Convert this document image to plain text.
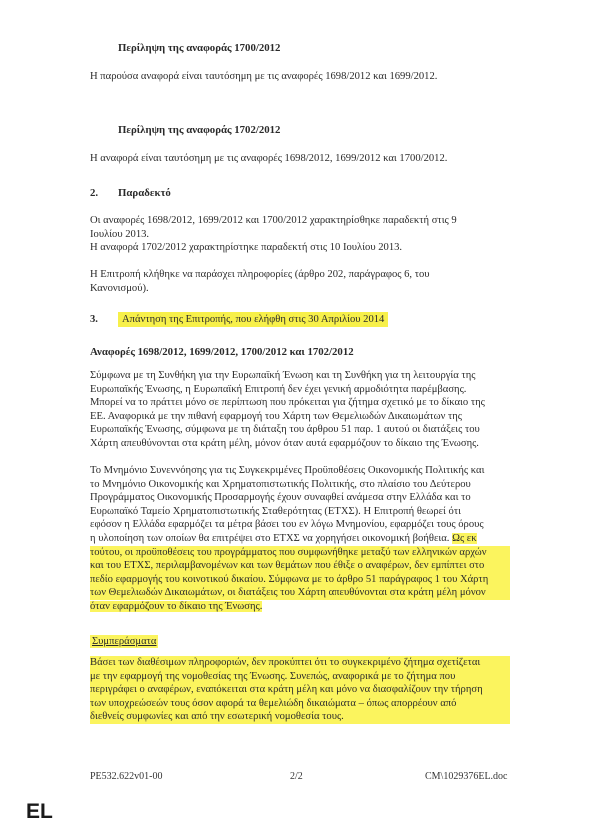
Περίληψη της αναφοράς 1700/2012
Η παρούσα αναφορά είναι ταυτόσημη με τις αναφορές 1698/2012 και 1699/2012.
Περίληψη της αναφοράς 1702/2012
Η αναφορά είναι ταυτόσημη με τις αναφορές 1698/2012, 1699/2012 και 1700/2012.
2. Παραδεκτό
Οι αναφορές 1698/2012, 1699/2012 και 1700/2012 χαρακτηρίσθηκε παραδεκτή στις 9
Ιουλίου 2013.
Η αναφορά 1702/2012 χαρακτηρίστηκε παραδεκτή στις 10 Ιουλίου 2013.
Η Επιτροπή κλήθηκε να παράσχει πληροφορίες (άρθρο 202, παράγραφος 6, του
Κανονισμού).
3. Απάντηση της Επιτροπής, που ελήφθη στις 30 Απριλίου 2014
Αναφορές 1698/2012, 1699/2012, 1700/2012 και 1702/2012
Σύμφωνα με τη Συνθήκη για την Ευρωπαϊκή Ένωση και τη Συνθήκη για τη λειτουργία της
Ευρωπαϊκής Ένωσης, η Ευρωπαϊκή Επιτροπή δεν έχει γενική αρμοδιότητα παρέμβασης.
Μπορεί να το πράττει μόνο σε περίπτωση που πρόκειται για ζήτημα σχετικό με το δίκαιο της
ΕΕ. Αναφορικά με την πιθανή εφαρμογή του Χάρτη των Θεμελιωδών Δικαιωμάτων της
Ευρωπαϊκής Ένωσης, σύμφωνα με τη διάταξη του άρθρου 51 παρ. 1 αυτού οι διατάξεις του
Χάρτη απευθύνονται στα κράτη μέλη, μόνον όταν αυτά εφαρμόζουν το δίκαιο της Ένωσης.
Το Μνημόνιο Συνεννόησης για τις Συγκεκριμένες Προϋποθέσεις Οικονομικής Πολιτικής και
το Μνημόνιο Οικονομικής και Χρηματοπιστωτικής Πολιτικής, στο πλαίσιο του Δεύτερου
Προγράμματος Οικονομικής Προσαρμογής έχουν συναφθεί ανάμεσα στην Ελλάδα και το
Ευρωπαϊκό Ταμείο Χρηματοπιστωτικής Σταθερότητας (ΕΤΧΣ). Η Επιτροπή θεωρεί ότι
εφόσον η Ελλάδα εφαρμόζει τα μέτρα βάσει του εν λόγω Μνημονίου, εφαρμόζει τους όρους
η υλοποίηση των οποίων θα επιτρέψει στο ΕΤΧΣ να χορηγήσει οικονομική βοήθεια. Ως εκ
τούτου, οι προϋποθέσεις του προγράμματος που συμφωνήθηκε μεταξύ των ελληνικών αρχών
και του ΕΤΧΣ, περιλαμβανομένων και των θεμάτων που έθιξε ο αναφέρων, δεν εμπίπτει στο
πεδίο εφαρμογής του κοινοτικού δικαίου. Σύμφωνα με το άρθρο 51 παράγραφος 1 του Χάρτη
των Θεμελιωδών Δικαιωμάτων, οι διατάξεις του Χάρτη απευθύνονται στα κράτη μέλη μόνον
όταν εφαρμόζουν το δίκαιο της Ένωσης.
Συμπεράσματα
Βάσει των διαθέσιμων πληροφοριών, δεν προκύπτει ότι το συγκεκριμένο ζήτημα σχετίζεται
με την εφαρμογή της νομοθεσίας της Ένωσης. Συνεπώς, αναφορικά με το ζήτημα που
περιγράφει ο αναφέρων, εναπόκειται στα κράτη μέλη και μόνο να διασφαλίζουν την τήρηση
των υποχρεώσεών τους όσον αφορά τα θεμελιώδη δικαιώματα – όπως απορρέουν από
διεθνείς συμφωνίες και από την εσωτερική νομοθεσία τους.
PE532.622v01-00	2/2	CM\1029376EL.doc
EL
